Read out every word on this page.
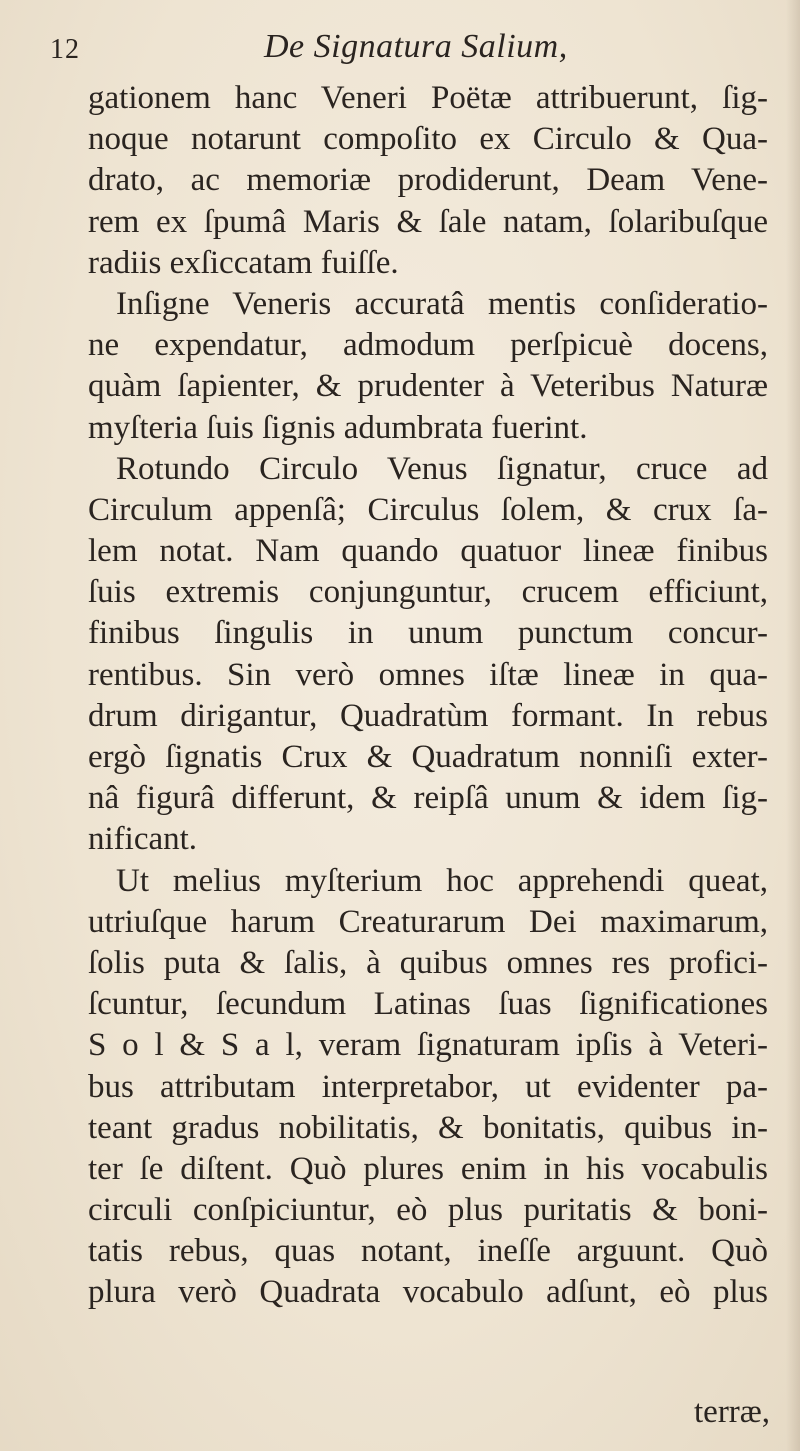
12	De Signatura Salium,

gationem hanc Veneri Poëtæ attribuerunt, ſig-

noque notarunt compoſito ex Circulo & Qua-

drato, ac memoriæ prodiderunt, Deam Vene-

rem ex ſpumâ Maris & ſale natam, ſolaribuſque

radiis exſiccatam fuiſſe.

Inſigne Veneris accuratâ mentis conſideratio-

ne expendatur, admodum perſpicuè docens,

quàm ſapienter, & prudenter à Veteribus Naturæ

myſteria ſuis ſignis adumbrata fuerint.

Rotundo Circulo Venus ſignatur, cruce ad

Circulum appenſâ; Circulus ſolem, & crux ſa-

lem notat. Nam quando quatuor lineæ finibus

ſuis extremis conjunguntur, crucem efficiunt,

finibus ſingulis in unum punctum concur-

rentibus. Sin verò omnes iſtæ lineæ in qua-

drum dirigantur, Quadratùm formant. In rebus

ergò ſignatis Crux & Quadratum nonniſi exter-

nâ figurâ differunt, & reipſâ unum & idem ſig-

nificant.

Ut melius myſterium hoc apprehendi queat,

utriuſque harum Creaturarum Dei maximarum,

ſolis puta & ſalis, à quibus omnes res profici-

ſcuntur, ſecundum Latinas ſuas ſignificationes

S o l & S a l, veram ſignaturam ipſis à Veteri-

bus attributam interpretabor, ut evidenter pa-

teant gradus nobilitatis, & bonitatis, quibus in-

ter ſe diſtent. Quò plures enim in his vocabulis

circuli conſpiciuntur, eò plus puritatis & boni-

tatis rebus, quas notant, ineſſe arguunt. Quò

plura verò Quadrata vocabulo adſunt, eò plus

terræ,
